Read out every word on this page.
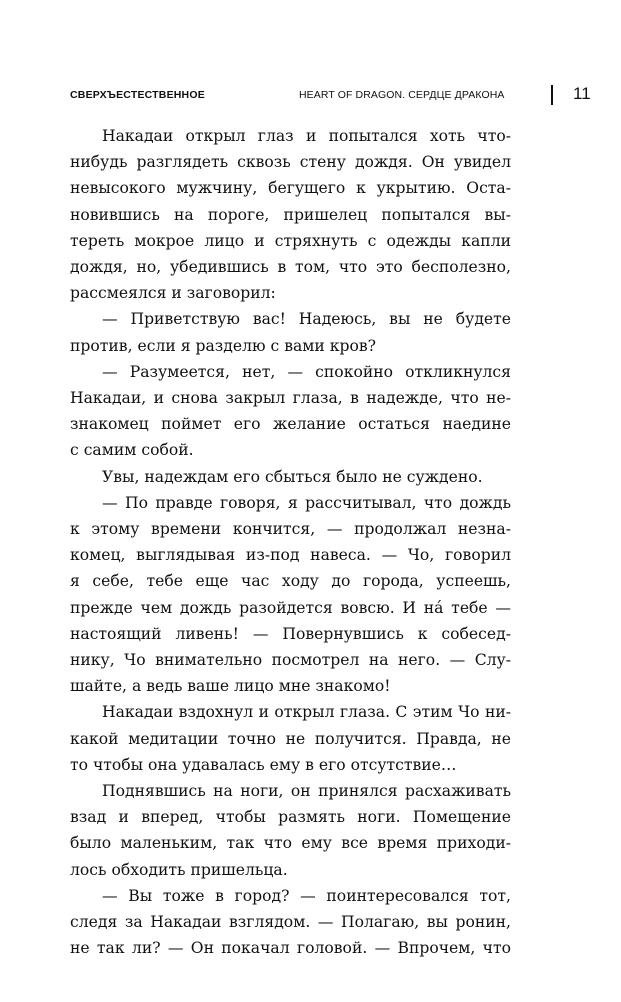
СВЕРХЪЕСТЕСТВЕННОЕ	HEART OF DRAGON. СЕРДЦЕ ДРАКОНА	11
Накадаи открыл глаз и попытался хоть что-
нибудь разглядеть сквозь стену дождя. Он увидел
невысокого мужчину, бегущего к укрытию. Оста-
новившись на пороге, пришелец попытался вы-
тереть мокрое лицо и стряхнуть с одежды капли
дождя, но, убедившись в том, что это бесполезно,
рассмеялся и заговорил:
— Приветствую вас! Надеюсь, вы не будете
против, если я разделю с вами кров?
— Разумеется, нет, — спокойно откликнулся
Накадаи, и снова закрыл глаза, в надежде, что не-
знакомец поймет его желание остаться наедине
с самим собой.
Увы, надеждам его сбыться было не суждено.
— По правде говоря, я рассчитывал, что дождь
к этому времени кончится, — продолжал незна-
комец, выглядывая из-под навеса. — Чо, говорил
я себе, тебе еще час ходу до города, успеешь,
прежде чем дождь разойдется вовсю. И на́ тебе —
настоящий ливень! — Повернувшись к собесед-
нику, Чо внимательно посмотрел на него. — Слу-
шайте, а ведь ваше лицо мне знакомо!
Накадаи вздохнул и открыл глаза. С этим Чо ни-
какой медитации точно не получится. Правда, не
то чтобы она удавалась ему в его отсутствие…
Поднявшись на ноги, он принялся расхаживать
взад и вперед, чтобы размять ноги. Помещение
было маленьким, так что ему все время приходи-
лось обходить пришельца.
— Вы тоже в город? — поинтересовался тот,
следя за Накадаи взглядом. — Полагаю, вы ронин,
не так ли? — Он покачал головой. — Впрочем, что
